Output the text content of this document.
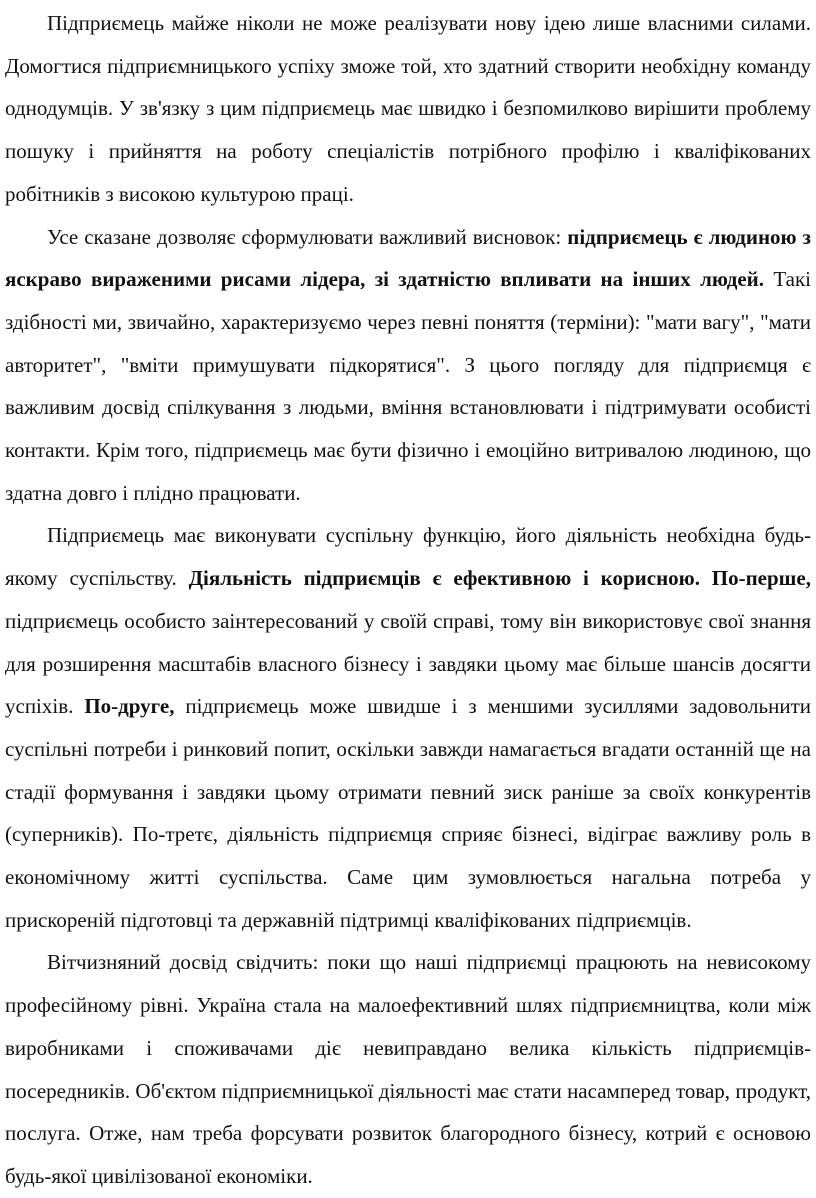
Підприємець майже ніколи не може реалізувати нову ідею лише власними силами. Домогтися підприємницького успіху зможе той, хто здатний створити необхідну команду однодумців. У зв'язку з цим підприємець має швидко і безпомилково вирішити проблему пошуку і прийняття на роботу спеціалістів потрібного профілю і кваліфікованих робітників з високою культурою праці.

Усе сказане дозволяє сформулювати важливий висновок: підприємець є людиною з яскраво вираженими рисами лідера, зі здатністю впливати на інших людей. Такі здібності ми, звичайно, характеризуємо через певні поняття (терміни): "мати вагу", "мати авторитет", "вміти примушувати підкорятися". З цього погляду для підприємця є важливим досвід спілкування з людьми, вміння встановлювати і підтримувати особисті контакти. Крім того, підприємець має бути фізично і емоційно витривалою людиною, що здатна довго і плідно працювати.

Підприємець має виконувати суспільну функцію, його діяльність необхідна будь-якому суспільству. Діяльність підприємців є ефективною і корисною. По-перше, підприємець особисто заінтересований у своїй справі, тому він використовує свої знання для розширення масштабів власного бізнесу і завдяки цьому має більше шансів досягти успіхів. По-друге, підприємець може швидше і з меншими зусиллями задовольнити суспільні потреби і ринковий попит, оскільки завжди намагається вгадати останній ще на стадії формування і завдяки цьому отримати певний зиск раніше за своїх конкурентів (суперників). По-третє, діяльність підприємця сприяє бізнесі, відіграє важливу роль в економічному житті суспільства. Саме цим зумовлюється нагальна потреба у прискореній підготовці та державній підтримці кваліфікованих підприємців.

Вітчизняний досвід свідчить: поки що наші підприємці працюють на невисокому професійному рівні. Україна стала на малоефективний шлях підприємництва, коли між виробниками і споживачами діє невиправдано велика кількість підприємців-посередників. Об'єктом підприємницької діяльності має стати насамперед товар, продукт, послуга. Отже, нам треба форсувати розвиток благородного бізнесу, котрий є основою будь-якої цивілізованої економіки.
